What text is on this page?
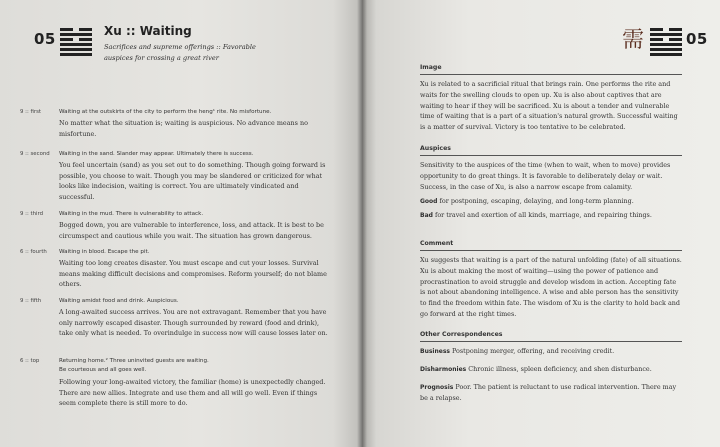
05	Xu :: Waiting
Sacrifices and supreme offerings :: Favorable auspices for crossing a great river
9 :: first	Waiting at the outskirts of the city to perform the heng¹ rite. No misfortune.
No matter what the situation is; waiting is auspicious. No advance means no misfortune.
9 :: second	Waiting in the sand. Slander may appear. Ultimately there is success.
You feel uncertain (sand) as you set out to do something. Though going forward is possible, you choose to wait. Though you may be slandered or criticized for what looks like indecision, waiting is correct. You are ultimately vindicated and successful.
9 :: third	Waiting in the mud. There is vulnerability to attack.
Bogged down, you are vulnerable to interference, loss, and attack. It is best to be circumspect and cautious while you wait. The situation has grown dangerous.
6 :: fourth	Waiting in blood. Escape the pit.
Waiting too long creates disaster. You must escape and cut your losses. Survival means making difficult decisions and compromises. Reform yourself; do not blame others.
9 :: fifth	Waiting amidst food and drink. Auspicious.
A long-awaited success arrives. You are not extravagant. Remember that you have only narrowly escaped disaster. Though surrounded by reward (food and drink), take only what is needed. To overindulge in success now will cause losses later on.
6 :: top	Returning home.² Three uninvited guests are waiting.
Be courteous and all goes well.
Following your long-awaited victory, the familiar (home) is unexpectedly changed. There are new allies. Integrate and use them and all will go well. Even if things seem complete there is still more to do.
需	05
Image
Xu is related to a sacrificial ritual that brings rain. One performs the rite and waits for the swelling clouds to open up. Xu is also about captives that are waiting to hear if they will be sacrificed. Xu is about a tender and vulnerable time of waiting that is a part of a situation's natural growth. Successful waiting is a matter of survival. Victory is too tentative to be celebrated.
Auspices
Sensitivity to the auspices of the time (when to wait, when to move) provides opportunity to do great things. It is favorable to deliberately delay or wait. Success, in the case of Xu, is also a narrow escape from calamity.
Good for postponing, escaping, delaying, and long-term planning.
Bad for travel and exertion of all kinds, marriage, and repairing things.
Comment
Xu suggests that waiting is a part of the natural unfolding (fate) of all situations. Xu is about making the most of waiting—using the power of patience and procrastination to avoid struggle and develop wisdom in action. Accepting fate is not about abandoning intelligence. A wise and able person has the sensitivity to find the freedom within fate. The wisdom of Xu is the clarity to hold back and go forward at the right times.
Other Correspondences
Business Postponing merger, offering, and receiving credit.
Disharmonies Chronic illness, spleen deficiency, and shen disturbance.
Prognosis Poor. The patient is reluctant to use radical intervention. There may be a relapse.
